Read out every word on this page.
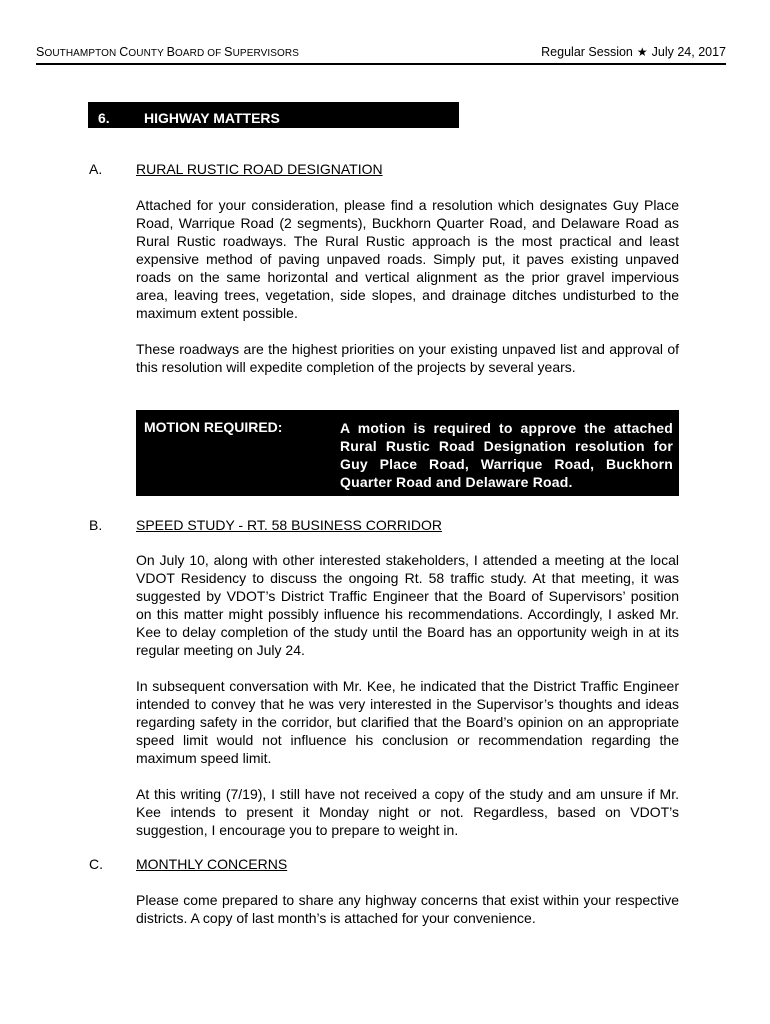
SOUTHAMPTON COUNTY BOARD OF SUPERVISORS	Regular Session ★ July 24, 2017
6. HIGHWAY MATTERS
A. RURAL RUSTIC ROAD DESIGNATION
Attached for your consideration, please find a resolution which designates Guy Place Road, Warrique Road (2 segments), Buckhorn Quarter Road, and Delaware Road as Rural Rustic roadways. The Rural Rustic approach is the most practical and least expensive method of paving unpaved roads. Simply put, it paves existing unpaved roads on the same horizontal and vertical alignment as the prior gravel impervious area, leaving trees, vegetation, side slopes, and drainage ditches undisturbed to the maximum extent possible.
These roadways are the highest priorities on your existing unpaved list and approval of this resolution will expedite completion of the projects by several years.
MOTION REQUIRED:	A motion is required to approve the attached Rural Rustic Road Designation resolution for Guy Place Road, Warrique Road, Buckhorn Quarter Road and Delaware Road.
B. SPEED STUDY - RT. 58 BUSINESS CORRIDOR
On July 10, along with other interested stakeholders, I attended a meeting at the local VDOT Residency to discuss the ongoing Rt. 58 traffic study. At that meeting, it was suggested by VDOT’s District Traffic Engineer that the Board of Supervisors’ position on this matter might possibly influence his recommendations. Accordingly, I asked Mr. Kee to delay completion of the study until the Board has an opportunity weigh in at its regular meeting on July 24.
In subsequent conversation with Mr. Kee, he indicated that the District Traffic Engineer intended to convey that he was very interested in the Supervisor’s thoughts and ideas regarding safety in the corridor, but clarified that the Board’s opinion on an appropriate speed limit would not influence his conclusion or recommendation regarding the maximum speed limit.
At this writing (7/19), I still have not received a copy of the study and am unsure if Mr. Kee intends to present it Monday night or not. Regardless, based on VDOT’s suggestion, I encourage you to prepare to weight in.
C. MONTHLY CONCERNS
Please come prepared to share any highway concerns that exist within your respective districts. A copy of last month’s is attached for your convenience.
